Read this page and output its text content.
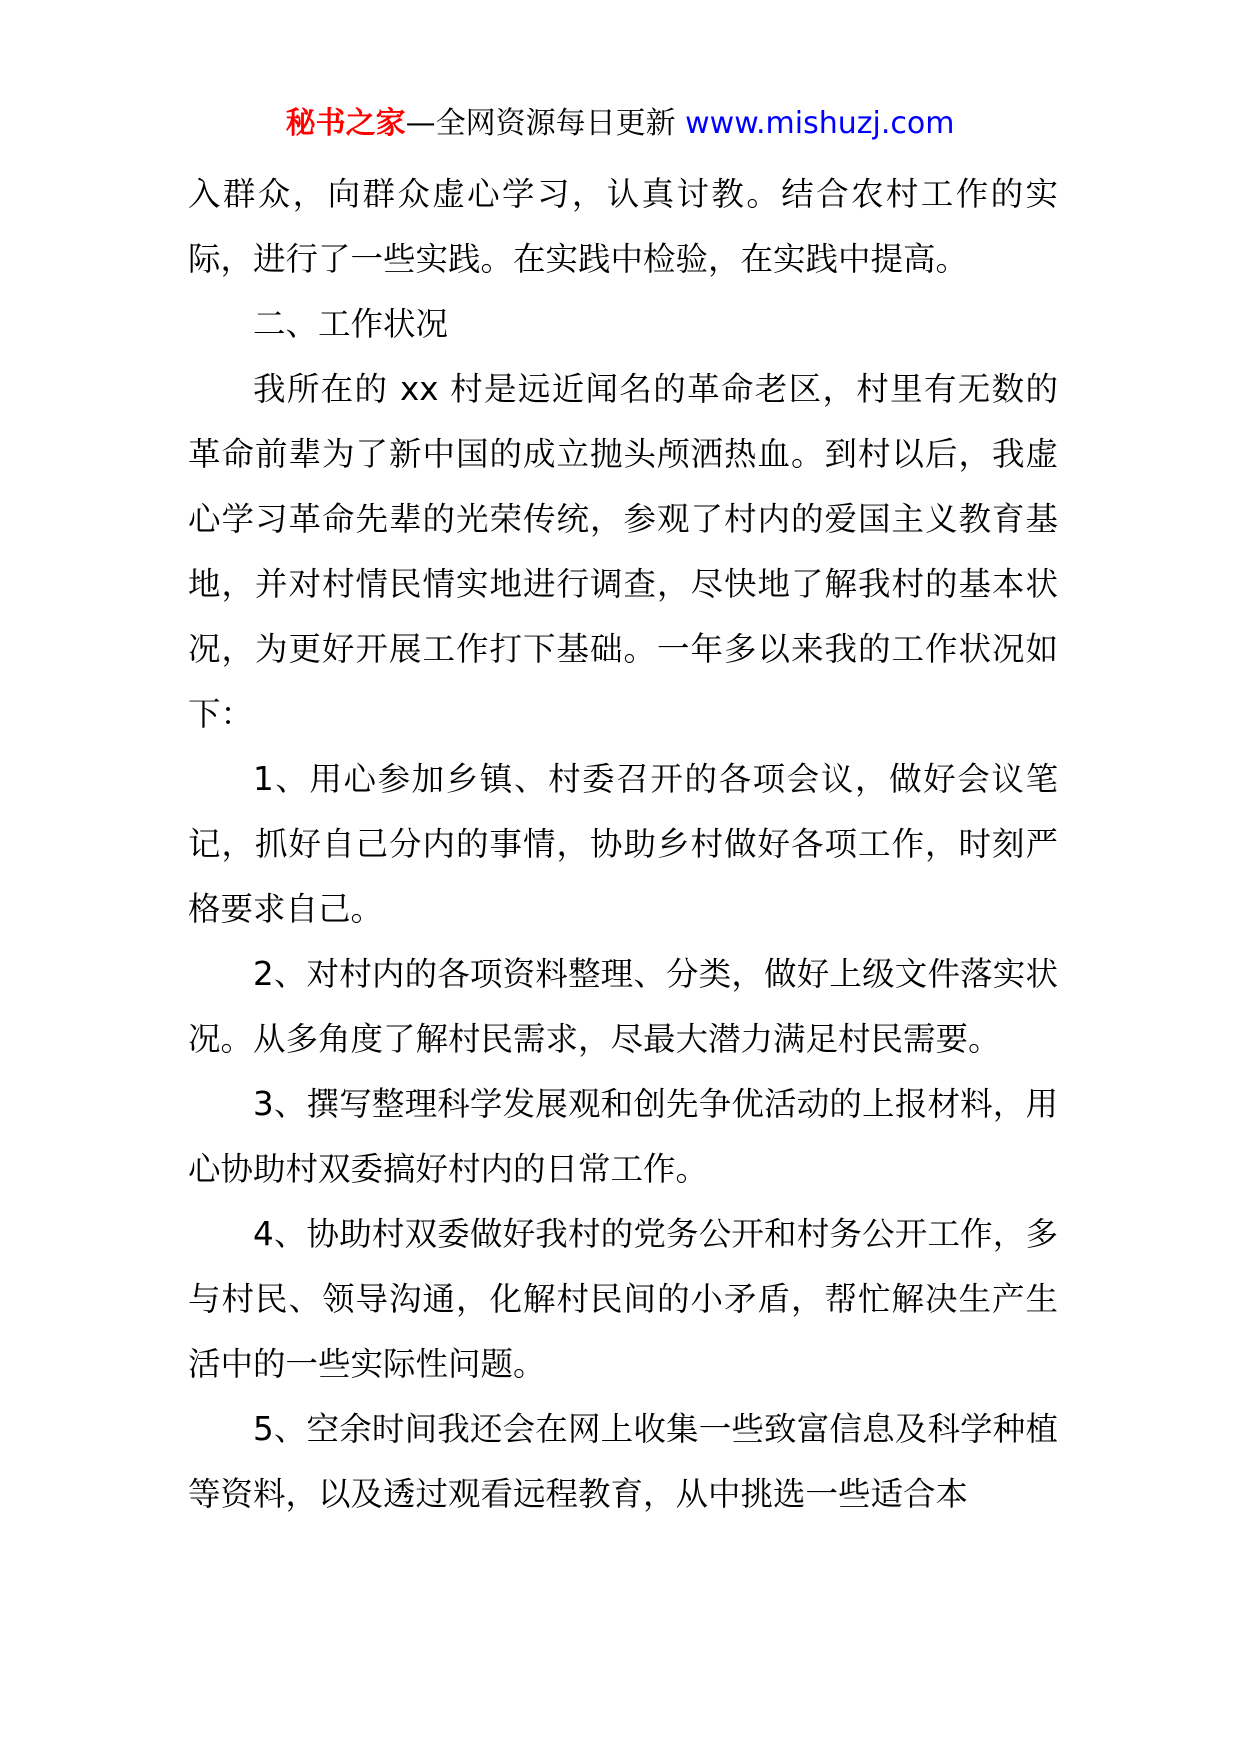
秘书之家—全网资源每日更新 www.mishuzj.com

入群众，向群众虚心学习，认真讨教。结合农村工作的实际，进行了一些实践。在实践中检验，在实践中提高。

二、工作状况

我所在的 xx 村是远近闻名的革命老区，村里有无数的革命前辈为了新中国的成立抛头颅洒热血。到村以后，我虚心学习革命先辈的光荣传统，参观了村内的爱国主义教育基地，并对村情民情实地进行调查，尽快地了解我村的基本状况，为更好开展工作打下基础。一年多以来我的工作状况如下：

1、用心参加乡镇、村委召开的各项会议，做好会议笔记，抓好自己分内的事情，协助乡村做好各项工作，时刻严格要求自己。

2、对村内的各项资料整理、分类，做好上级文件落实状况。从多角度了解村民需求，尽最大潜力满足村民需要。

3、撰写整理科学发展观和创先争优活动的上报材料，用心协助村双委搞好村内的日常工作。

4、协助村双委做好我村的党务公开和村务公开工作，多与村民、领导沟通，化解村民间的小矛盾，帮忙解决生产生活中的一些实际性问题。

5、空余时间我还会在网上收集一些致富信息及科学种植等资料，以及透过观看远程教育，从中挑选一些适合本
